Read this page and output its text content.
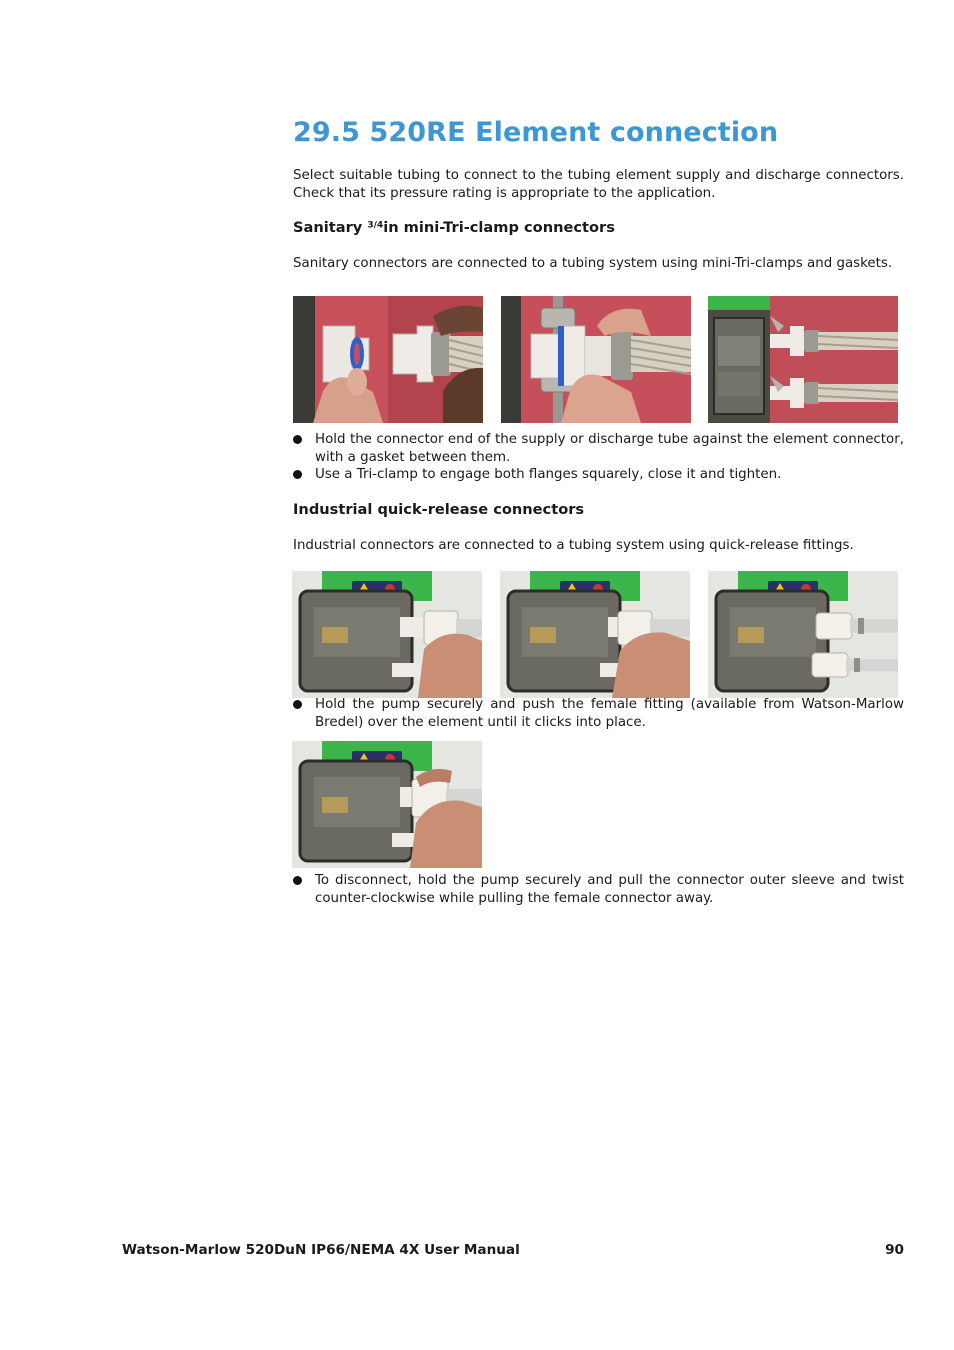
29.5 520RE Element connection

Select suitable tubing to connect to the tubing element supply and discharge connectors. Check that its pressure rating is appropriate to the application.

Sanitary $^{3/4}$in mini-Tri-clamp connectors

Sanitary connectors are connected to a tubing system using mini-Tri-clamps and gaskets.

Hold the connector end of the supply or discharge tube against the element connector, with a gasket between them.
Use a Tri-clamp to engage both flanges squarely, close it and tighten.
Industrial quick-release connectors

Industrial connectors are connected to a tubing system using quick-release fittings.

Hold the pump securely and push the female fitting (available from Watson-Marlow Bredel) over the element until it clicks into place.
To disconnect, hold the pump securely and pull the connector outer sleeve and twist counter-clockwise while pulling the female connector away.
Watson-Marlow 520DuN IP66/NEMA 4X User Manual	90
